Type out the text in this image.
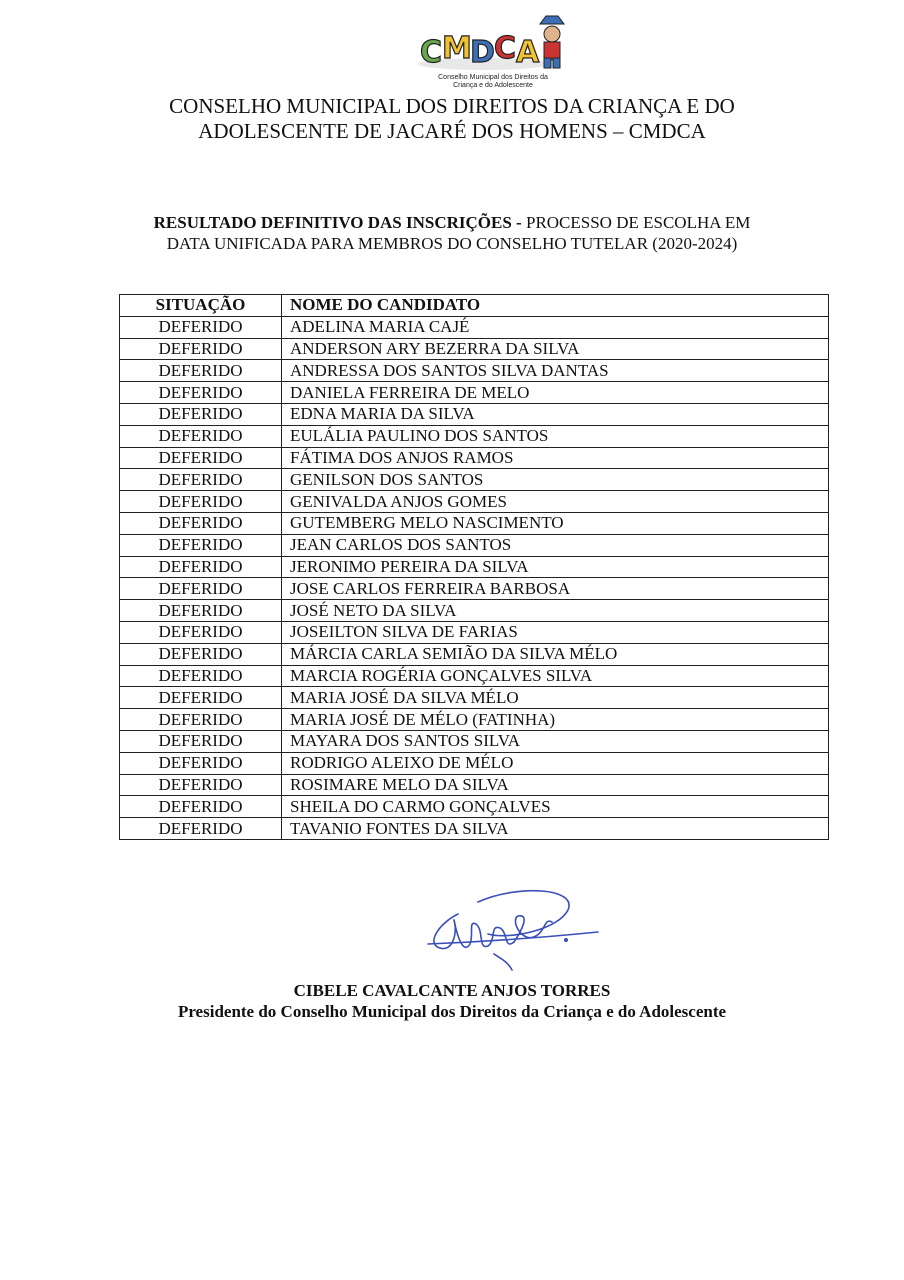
C M
D C A
Conselho Municipal dos Direitos da
Criança e do Adolescente
CONSELHO MUNICIPAL DOS DIREITOS DA CRIANÇA E DO
ADOLESCENTE DE JACARÉ DOS HOMENS – CMDCA
RESULTADO DEFINITIVO DAS INSCRIÇÕES - PROCESSO DE ESCOLHA EM
DATA UNIFICADA PARA MEMBROS DO CONSELHO TUTELAR (2020-2024)
SITUAÇÃO	NOME DO CANDIDATO
DEFERIDO	ADELINA MARIA CAJÉ
DEFERIDO	ANDERSON ARY BEZERRA DA SILVA
DEFERIDO	ANDRESSA DOS SANTOS SILVA DANTAS
DEFERIDO	DANIELA FERREIRA DE MELO
DEFERIDO	EDNA MARIA DA SILVA
DEFERIDO	EULÁLIA PAULINO DOS SANTOS
DEFERIDO	FÁTIMA DOS ANJOS RAMOS
DEFERIDO	GENILSON DOS SANTOS
DEFERIDO	GENIVALDA ANJOS GOMES
DEFERIDO	GUTEMBERG MELO NASCIMENTO
DEFERIDO	JEAN CARLOS DOS SANTOS
DEFERIDO	JERONIMO PEREIRA DA SILVA
DEFERIDO	JOSE CARLOS FERREIRA BARBOSA
DEFERIDO	JOSÉ NETO DA SILVA
DEFERIDO	JOSEILTON SILVA DE FARIAS
DEFERIDO	MÁRCIA CARLA SEMIÃO DA SILVA MÉLO
DEFERIDO	MARCIA ROGÉRIA GONÇALVES SILVA
DEFERIDO	MARIA JOSÉ DA SILVA MÉLO
DEFERIDO	MARIA JOSÉ DE MÉLO (FATINHA)
DEFERIDO	MAYARA DOS SANTOS SILVA
DEFERIDO	RODRIGO ALEIXO DE MÉLO
DEFERIDO	ROSIMARE MELO DA SILVA
DEFERIDO	SHEILA DO CARMO GONÇALVES
DEFERIDO	TAVANIO FONTES DA SILVA
CIBELE CAVALCANTE ANJOS TORRES
Presidente do Conselho Municipal dos Direitos da Criança e do Adolescente
